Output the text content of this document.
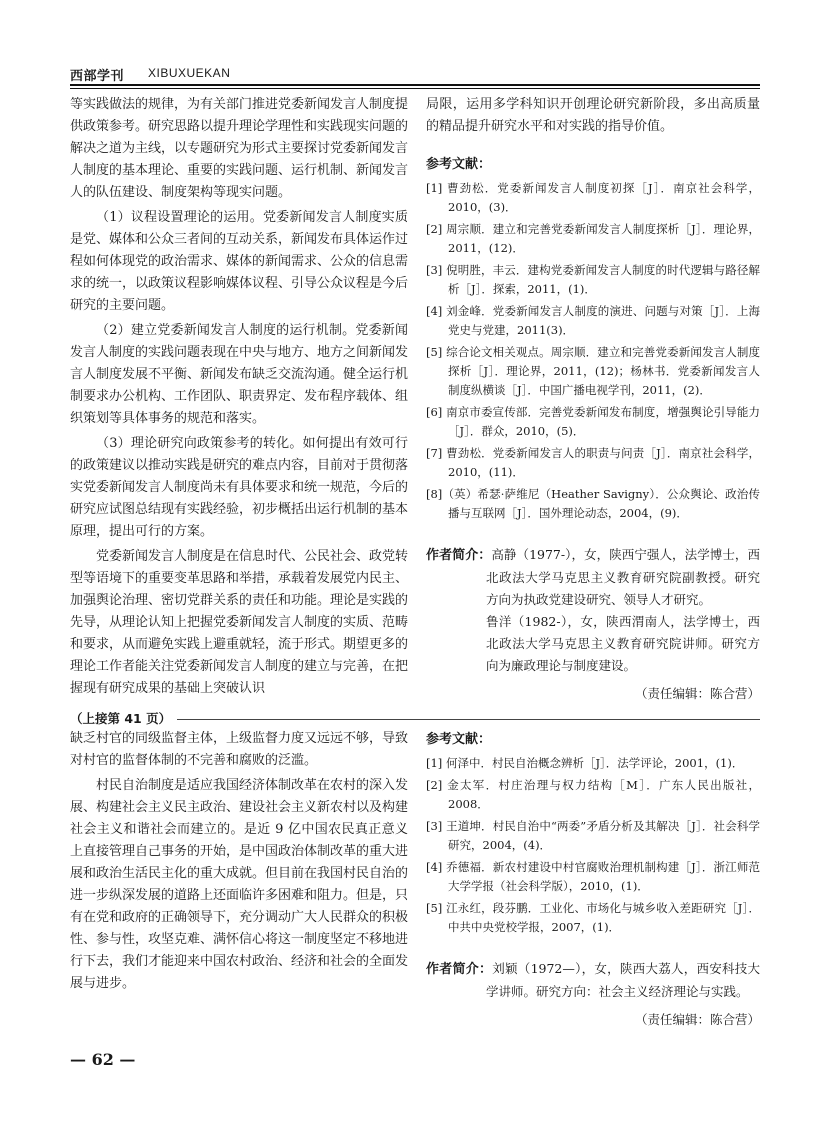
西部学刊 XIBUXUEKAN

等实践做法的规律，为有关部门推进党委新闻发言人制度提供政策参考。研究思路以提升理论学理性和实践现实问题的解决之道为主线，以专题研究为形式主要探讨党委新闻发言人制度的基本理论、重要的实践问题、运行机制、新闻发言人的队伍建设、制度架构等现实问题。

（1）议程设置理论的运用。党委新闻发言人制度实质是党、媒体和公众三者间的互动关系，新闻发布具体运作过程如何体现党的政治需求、媒体的新闻需求、公众的信息需求的统一，以政策议程影响媒体议程、引导公众议程是今后研究的主要问题。

（2）建立党委新闻发言人制度的运行机制。党委新闻发言人制度的实践问题表现在中央与地方、地方之间新闻发言人制度发展不平衡、新闻发布缺乏交流沟通。健全运行机制要求办公机构、工作团队、职责界定、发布程序载体、组织策划等具体事务的规范和落实。

（3）理论研究向政策参考的转化。如何提出有效可行的政策建议以推动实践是研究的难点内容，目前对于贯彻落实党委新闻发言人制度尚未有具体要求和统一规范，今后的研究应试图总结现有实践经验，初步概括出运行机制的基本原理，提出可行的方案。

党委新闻发言人制度是在信息时代、公民社会、政党转型等语境下的重要变革思路和举措，承载着发展党内民主、加强舆论治理、密切党群关系的责任和功能。理论是实践的先导，从理论认知上把握党委新闻发言人制度的实质、范畴和要求，从而避免实践上避重就轻，流于形式。期望更多的理论工作者能关注党委新闻发言人制度的建立与完善，在把握现有研究成果的基础上突破认识

局限，运用多学科知识开创理论研究新阶段，多出高质量的精品提升研究水平和对实践的指导价值。

参考文献：
[1] 曹劲松．党委新闻发言人制度初探［J］．南京社会科学，2010，(3)．
[2] 周宗顺．建立和完善党委新闻发言人制度探析［J］．理论界，2011，(12)．
[3] 倪明胜，丰云．建构党委新闻发言人制度的时代逻辑与路径解析［J］．探索，2011，(1)．
[4] 刘金峰．党委新闻发言人制度的演进、问题与对策［J］．上海党史与党建，2011(3)．
[5] 综合论文相关观点。周宗顺．建立和完善党委新闻发言人制度探析［J］．理论界，2011，(12)；杨林书．党委新闻发言人制度纵横谈［J］．中国广播电视学刊，2011，(2)．
[6] 南京市委宣传部．完善党委新闻发布制度，增强舆论引导能力［J］．群众，2010，(5)．
[7] 曹劲松．党委新闻发言人的职责与问责［J］．南京社会科学，2010，(11)．
[8]（英）希瑟·萨维尼（Heather Savigny）．公众舆论、政治传播与互联网［J］．国外理论动态，2004，(9)．
作者简介：高静（1977-），女，陕西宁强人，法学博士，西北政法大学马克思主义教育研究院副教授。研究方向为执政党建设研究、领导人才研究。
鲁洋（1982-），女，陕西渭南人，法学博士，西北政法大学马克思主义教育研究院讲师。研究方向为廉政理论与制度建设。
（责任编辑：陈合营）
（上接第 41 页）

缺乏村官的同级监督主体，上级监督力度又远远不够，导致对村官的监督体制的不完善和腐败的泛滥。

村民自治制度是适应我国经济体制改革在农村的深入发展、构建社会主义民主政治、建设社会主义新农村以及构建社会主义和谐社会而建立的。是近 9 亿中国农民真正意义上直接管理自己事务的开始，是中国政治体制改革的重大进展和政治生活民主化的重大成就。但目前在我国村民自治的进一步纵深发展的道路上还面临许多困难和阻力。但是，只有在党和政府的正确领导下，充分调动广大人民群众的积极性、参与性，攻坚克难、满怀信心将这一制度坚定不移地进行下去，我们才能迎来中国农村政治、经济和社会的全面发展与进步。

参考文献：
[1] 何泽中．村民自治概念辨析［J］．法学评论，2001，(1)．
[2] 金太军．村庄治理与权力结构［M］．广东人民出版社，2008．
[3] 王道坤．村民自治中“两委”矛盾分析及其解决［J］．社会科学研究，2004，(4)．
[4] 乔德福．新农村建设中村官腐败治理机制构建［J］．浙江师范大学学报（社会科学版），2010，(1)．
[5] 江永红，段芬鹏．工业化、市场化与城乡收入差距研究［J］．中共中央党校学报，2007，(1)．
作者简介：刘颖（1972—），女，陕西大荔人，西安科技大学讲师。研究方向：社会主义经济理论与实践。
（责任编辑：陈合营）
— 62 —
